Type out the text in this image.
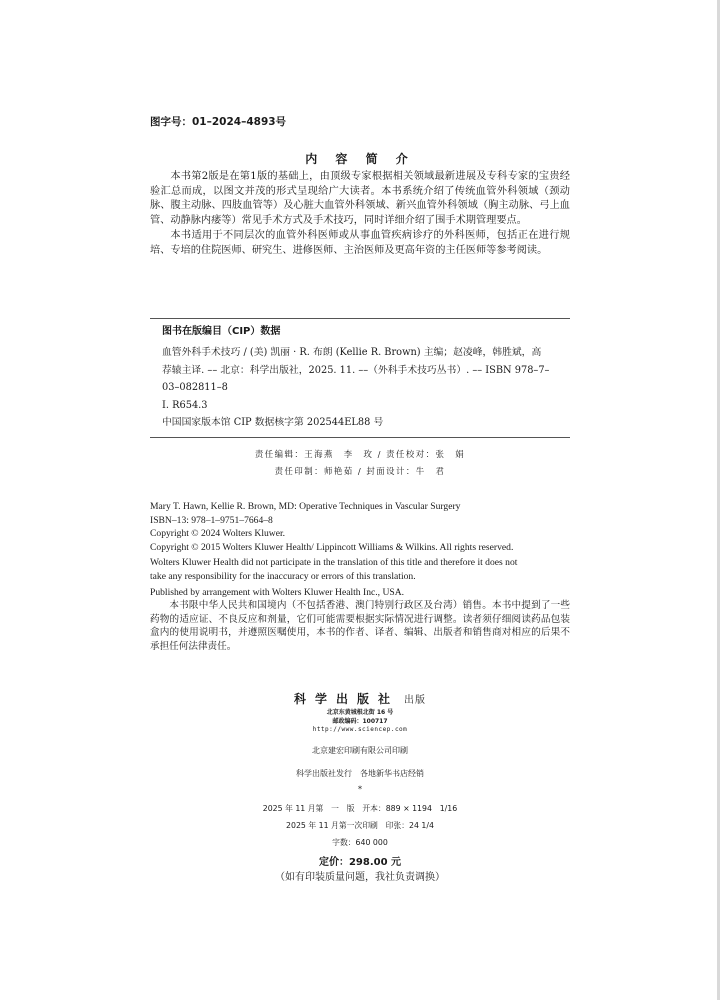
图字号：01–2024–4893号
内 容 简 介

本书第2版是在第1版的基础上，由顶级专家根据相关领域最新进展及专科专家的宝贵经验汇总而成，以图文并茂的形式呈现给广大读者。本书系统介绍了传统血管外科领域（颈动脉、腹主动脉、四肢血管等）及心脏大血管外科领域、新兴血管外科领域（胸主动脉、弓上血管、动静脉内瘘等）常见手术方式及手术技巧，同时详细介绍了围手术期管理要点。

本书适用于不同层次的血管外科医师或从事血管疾病诊疗的外科医师，包括正在进行规培、专培的住院医师、研究生、进修医师、主治医师及更高年资的主任医师等参考阅读。

图书在版编目（CIP）数据
血管外科手术技巧 / (美) 凯丽 · R. 布朗 (Kellie R. Brown) 主编；赵凌峰，韩胜斌，高
荐辕主译. –– 北京：科学出版社，2025. 11. ––（外科手术技巧丛书）. –– ISBN 978–7–
03–082811–8
Ⅰ. R654.3
中国国家版本馆 CIP 数据核字第 202544EL88 号
责任编辑：王海燕　李　玫 / 责任校对：张　娟
责任印制：师艳茹 / 封面设计：牛　君
Mary T. Hawn, Kellie R. Brown, MD: Operative Techniques in Vascular Surgery
ISBN–13: 978–1–9751–7664–8
Copyright © 2024 Wolters Kluwer.
Copyright © 2015 Wolters Kluwer Health/ Lippincott Williams & Wilkins. All rights reserved.
Wolters Kluwer Health did not participate in the translation of this title and therefore it does not
take any responsibility for the inaccuracy or errors of this translation.
Published by arrangement with Wolters Kluwer Health Inc., USA.
本书限中华人民共和国境内（不包括香港、澳门特别行政区及台湾）销售。本书中提到了一些药物的适应证、不良反应和剂量，它们可能需要根据实际情况进行调整。读者须仔细阅读药品包装盒内的使用说明书，并遵照医嘱使用，本书的作者、译者、编辑、出版者和销售商对相应的后果不承担任何法律责任。
科学出版社 出版
北京东黄城根北街 16 号
邮政编码：100717
http://www.sciencep.com
北京建宏印刷有限公司印刷
科学出版社发行　各地新华书店经销
*
2025 年 11 月第　一　版　开本：889 × 1194　1/16
2025 年 11 月第一次印刷　印张：24 1/4
字数：640 000
定价：298.00 元
（如有印装质量问题，我社负责调换）
